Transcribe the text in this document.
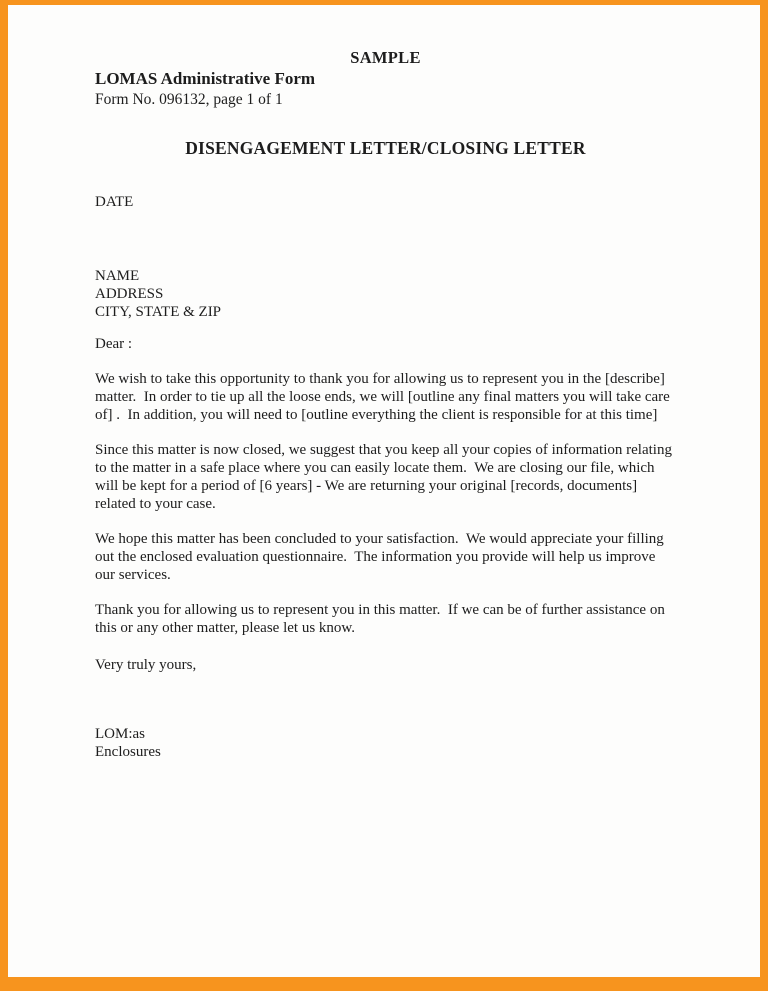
SAMPLE
LOMAS Administrative Form
Form No. 096132, page 1 of 1
DISENGAGEMENT LETTER/CLOSING LETTER
DATE
NAME
ADDRESS
CITY, STATE & ZIP
Dear :
We wish to take this opportunity to thank you for allowing us to represent you in the [describe] matter.  In order to tie up all the loose ends, we will [outline any final matters you will take care of] .  In addition, you will need to [outline everything the client is responsible for at this time]
Since this matter is now closed, we suggest that you keep all your copies of information relating to the matter in a safe place where you can easily locate them.  We are closing our file, which will be kept for a period of [6 years] - We are returning your original [records, documents] related to your case.
We hope this matter has been concluded to your satisfaction.  We would appreciate your filling out the enclosed evaluation questionnaire.  The information you provide will help us improve our services.
Thank you for allowing us to represent you in this matter.  If we can be of further assistance on this or any other matter, please let us know.
Very truly yours,
LOM:as
Enclosures
